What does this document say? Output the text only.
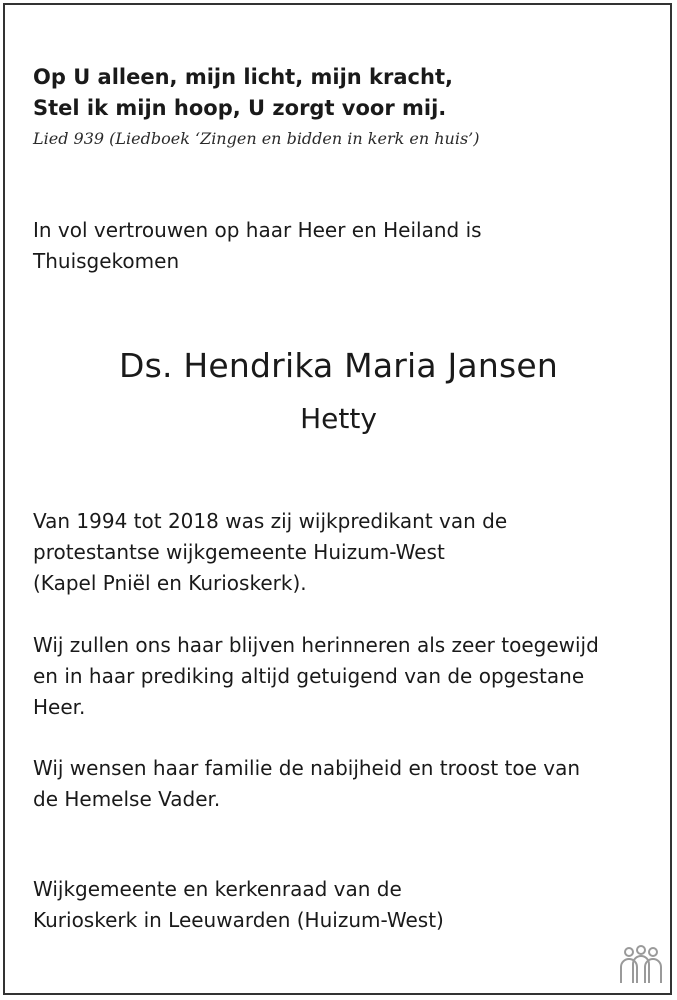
Op U alleen, mijn licht, mijn kracht,
Stel ik mijn hoop, U zorgt voor mij.
Lied 939 (Liedboek ‘Zingen en bidden in kerk en huis’)
In vol vertrouwen op haar Heer en Heiland is
Thuisgekomen
Ds. Hendrika Maria Jansen
Hetty
Van 1994 tot 2018 was zij wijkpredikant van de
protestantse wijkgemeente Huizum-West
(Kapel Pniël en Kurioskerk).
Wij zullen ons haar blijven herinneren als zeer toegewijd
en in haar prediking altijd getuigend van de opgestane
Heer.
Wij wensen haar familie de nabijheid en troost toe van
de Hemelse Vader.
Wijkgemeente en kerkenraad van de
Kurioskerk in Leeuwarden (Huizum-West)
